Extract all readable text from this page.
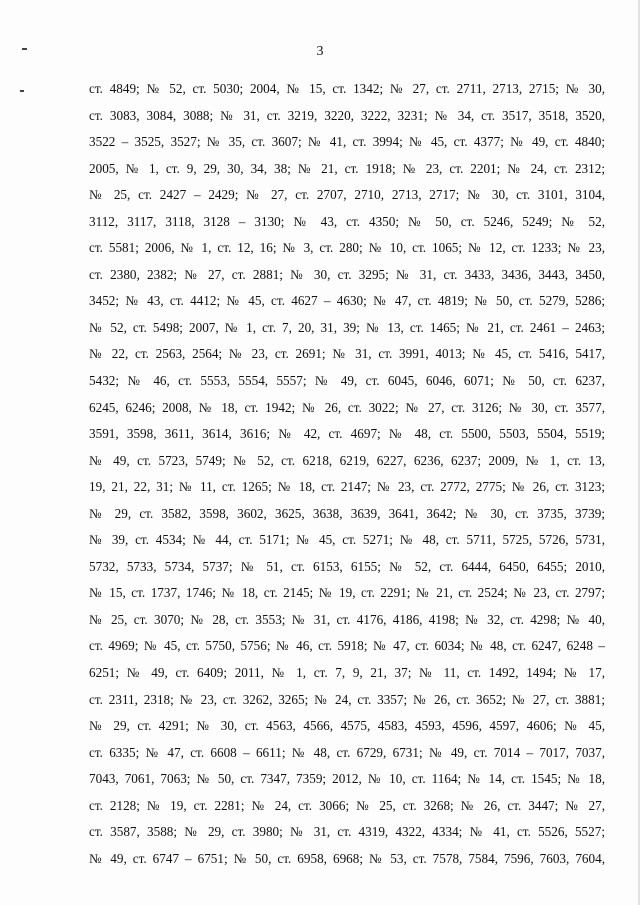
3
ст. 4849; № 52, ст. 5030; 2004, № 15, ст. 1342; № 27, ст. 2711, 2713, 2715; № 30,
ст. 3083, 3084, 3088; № 31, ст. 3219, 3220, 3222, 3231; № 34, ст. 3517, 3518, 3520,
3522 – 3525, 3527; № 35, ст. 3607; № 41, ст. 3994; № 45, ст. 4377; № 49, ст. 4840;
2005, № 1, ст. 9, 29, 30, 34, 38; № 21, ст. 1918; № 23, ст. 2201; № 24, ст. 2312;
№ 25, ст. 2427 – 2429; № 27, ст. 2707, 2710, 2713, 2717; № 30, ст. 3101, 3104,
3112, 3117, 3118, 3128 – 3130; № 43, ст. 4350; № 50, ст. 5246, 5249; № 52,
ст. 5581; 2006, № 1, ст. 12, 16; № 3, ст. 280; № 10, ст. 1065; № 12, ст. 1233; № 23,
ст. 2380, 2382; № 27, ст. 2881; № 30, ст. 3295; № 31, ст. 3433, 3436, 3443, 3450,
3452; № 43, ст. 4412; № 45, ст. 4627 – 4630; № 47, ст. 4819; № 50, ст. 5279, 5286;
№ 52, ст. 5498; 2007, № 1, ст. 7, 20, 31, 39; № 13, ст. 1465; № 21, ст. 2461 – 2463;
№ 22, ст. 2563, 2564; № 23, ст. 2691; № 31, ст. 3991, 4013; № 45, ст. 5416, 5417,
5432; № 46, ст. 5553, 5554, 5557; № 49, ст. 6045, 6046, 6071; № 50, ст. 6237,
6245, 6246; 2008, № 18, ст. 1942; № 26, ст. 3022; № 27, ст. 3126; № 30, ст. 3577,
3591, 3598, 3611, 3614, 3616; № 42, ст. 4697; № 48, ст. 5500, 5503, 5504, 5519;
№ 49, ст. 5723, 5749; № 52, ст. 6218, 6219, 6227, 6236, 6237; 2009, № 1, ст. 13,
19, 21, 22, 31; № 11, ст. 1265; № 18, ст. 2147; № 23, ст. 2772, 2775; № 26, ст. 3123;
№ 29, ст. 3582, 3598, 3602, 3625, 3638, 3639, 3641, 3642; № 30, ст. 3735, 3739;
№ 39, ст. 4534; № 44, ст. 5171; № 45, ст. 5271; № 48, ст. 5711, 5725, 5726, 5731,
5732, 5733, 5734, 5737; № 51, ст. 6153, 6155; № 52, ст. 6444, 6450, 6455; 2010,
№ 15, ст. 1737, 1746; № 18, ст. 2145; № 19, ст. 2291; № 21, ст. 2524; № 23, ст. 2797;
№ 25, ст. 3070; № 28, ст. 3553; № 31, ст. 4176, 4186, 4198; № 32, ст. 4298; № 40,
ст. 4969; № 45, ст. 5750, 5756; № 46, ст. 5918; № 47, ст. 6034; № 48, ст. 6247, 6248 –
6251; № 49, ст. 6409; 2011, № 1, ст. 7, 9, 21, 37; № 11, ст. 1492, 1494; № 17,
ст. 2311, 2318; № 23, ст. 3262, 3265; № 24, ст. 3357; № 26, ст. 3652; № 27, ст. 3881;
№ 29, ст. 4291; № 30, ст. 4563, 4566, 4575, 4583, 4593, 4596, 4597, 4606; № 45,
ст. 6335; № 47, ст. 6608 – 6611; № 48, ст. 6729, 6731; № 49, ст. 7014 – 7017, 7037,
7043, 7061, 7063; № 50, ст. 7347, 7359; 2012, № 10, ст. 1164; № 14, ст. 1545; № 18,
ст. 2128; № 19, ст. 2281; № 24, ст. 3066; № 25, ст. 3268; № 26, ст. 3447; № 27,
ст. 3587, 3588; № 29, ст. 3980; № 31, ст. 4319, 4322, 4334; № 41, ст. 5526, 5527;
№ 49, ст. 6747 – 6751; № 50, ст. 6958, 6968; № 53, ст. 7578, 7584, 7596, 7603, 7604,
